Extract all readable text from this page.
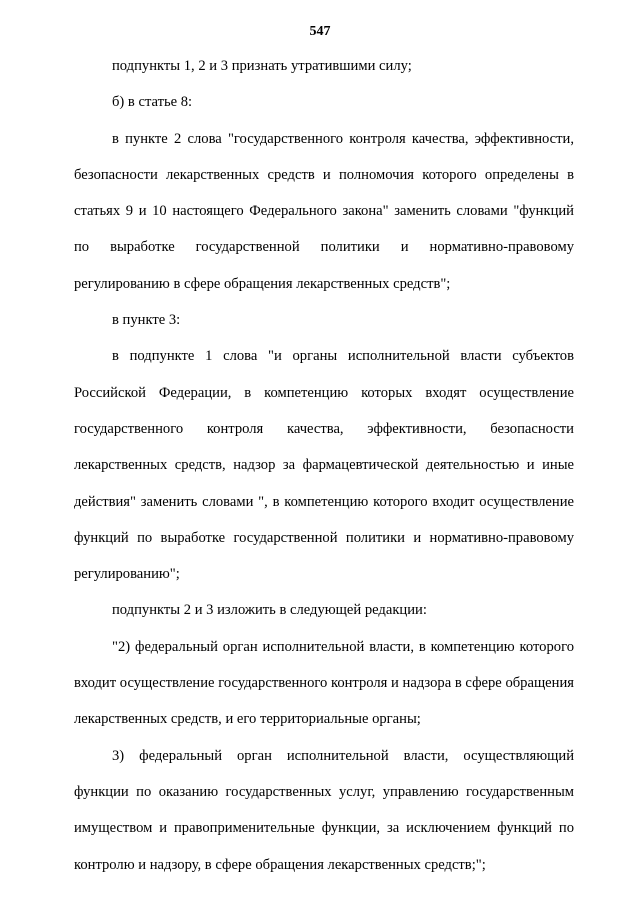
547

подпункты 1, 2 и 3 признать утратившими силу;

б) в статье 8:

в пункте 2 слова "государственного контроля качества, эффективности, безопасности лекарственных средств и полномочия которого определены в статьях 9 и 10 настоящего Федерального закона" заменить словами "функций по выработке государственной политики и нормативно-правовому регулированию в сфере обращения лекарственных средств";

в пункте 3:

в подпункте 1 слова "и органы исполнительной власти субъектов Российской Федерации, в компетенцию которых входят осуществление государственного контроля качества, эффективности, безопасности лекарственных средств, надзор за фармацевтической деятельностью и иные действия" заменить словами ", в компетенцию которого входит осуществление функций по выработке государственной политики и нормативно-правовому регулированию";

подпункты 2 и 3 изложить в следующей редакции:

"2) федеральный орган исполнительной власти, в компетенцию которого входит осуществление государственного контроля и надзора в сфере обращения лекарственных средств, и его территориальные органы;

3) федеральный орган исполнительной власти, осуществляющий функции по оказанию государственных услуг, управлению государственным имуществом и правоприменительные функции, за исключением функций по контролю и надзору, в сфере обращения лекарственных средств;";
